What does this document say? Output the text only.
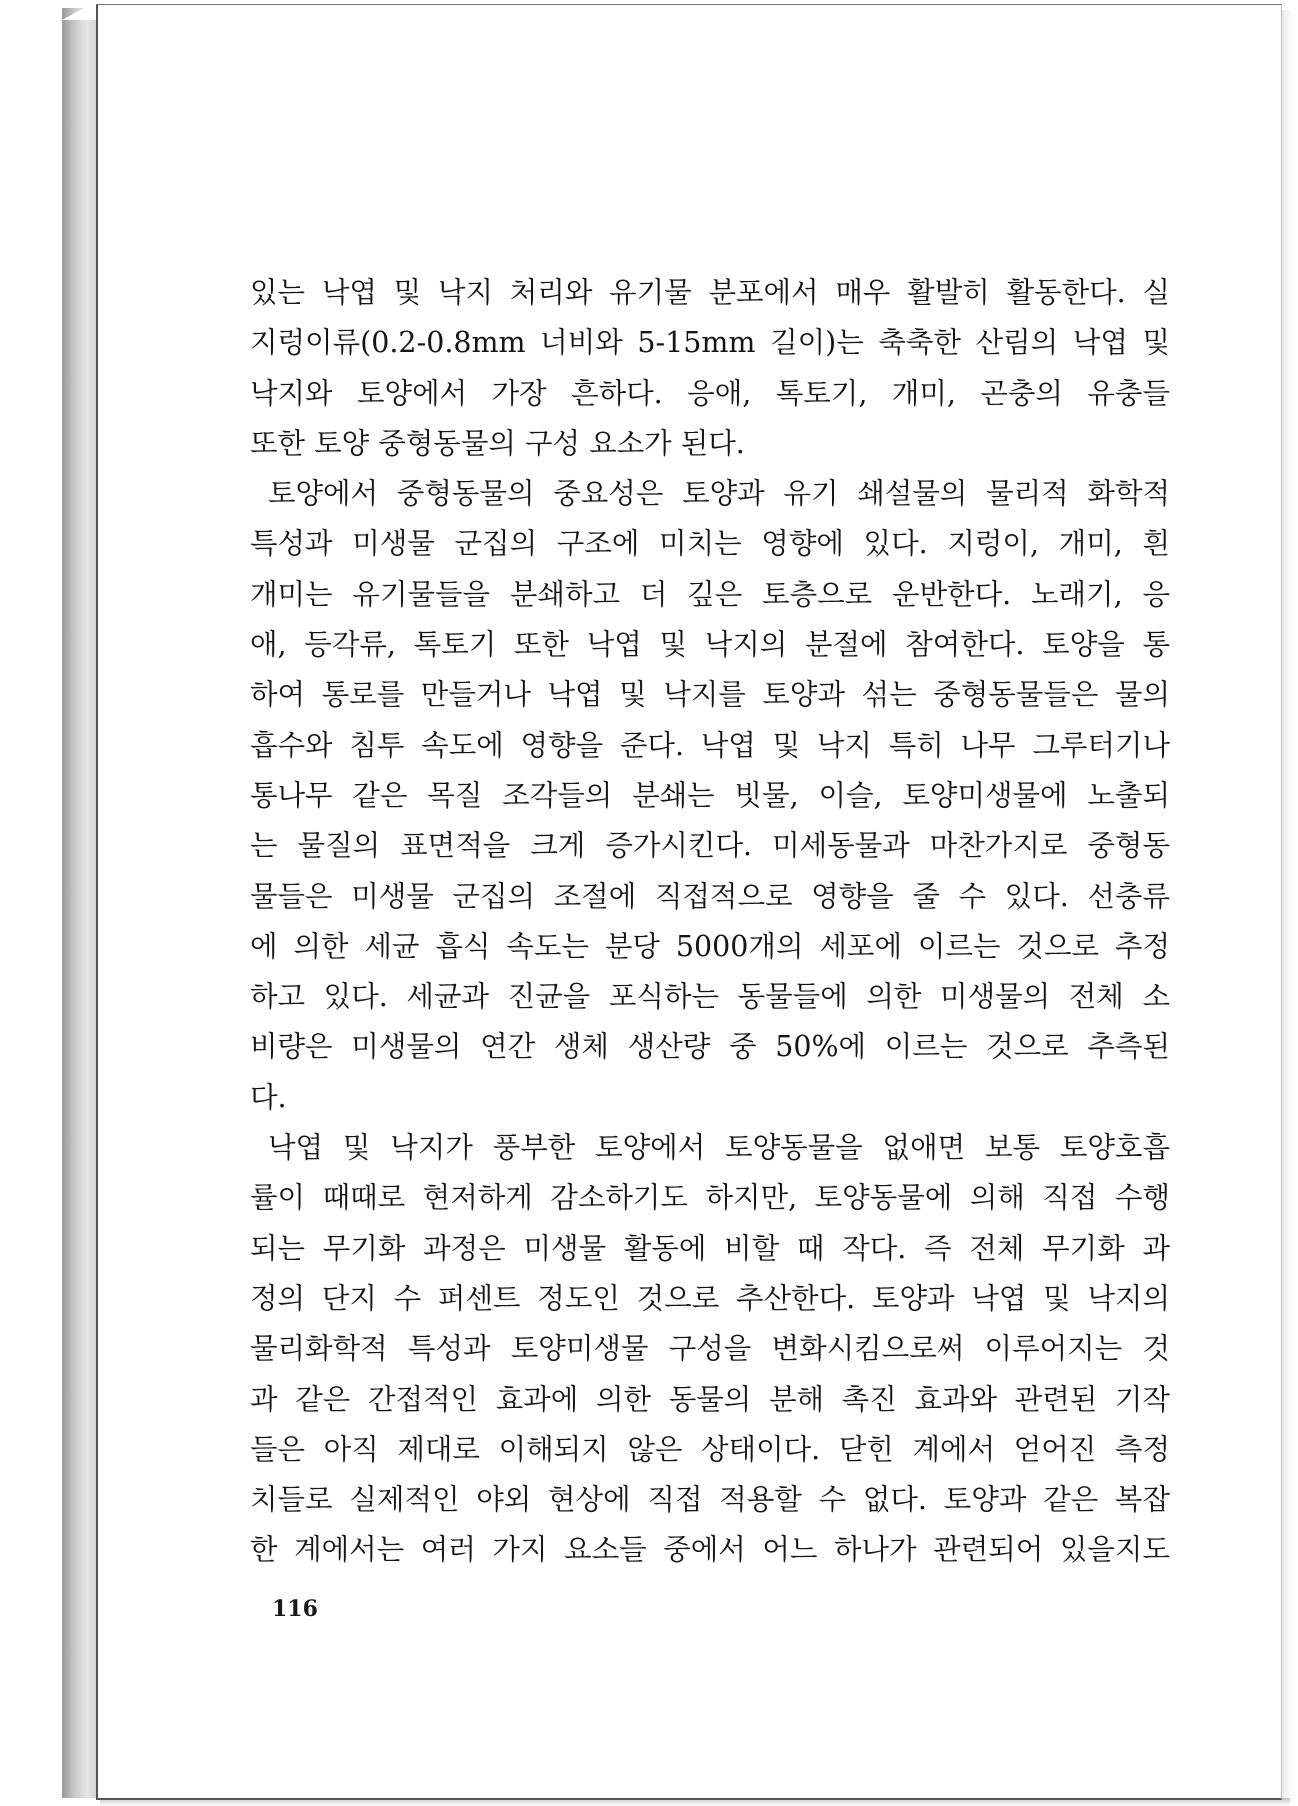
있는 낙엽 및 낙지 처리와 유기물 분포에서 매우 활발히 활동한다. 실
지렁이류(0.2-0.8mm 너비와 5-15mm 길이)는 축축한 산림의 낙엽 및
낙지와 토양에서 가장 흔하다. 응애, 톡토기, 개미, 곤충의 유충들
또한 토양 중형동물의 구성 요소가 된다.
토양에서 중형동물의 중요성은 토양과 유기 쇄설물의 물리적 화학적
특성과 미생물 군집의 구조에 미치는 영향에 있다. 지렁이, 개미, 흰
개미는 유기물들을 분쇄하고 더 깊은 토층으로 운반한다. 노래기, 응
애, 등각류, 톡토기 또한 낙엽 및 낙지의 분절에 참여한다. 토양을 통
하여 통로를 만들거나 낙엽 및 낙지를 토양과 섞는 중형동물들은 물의
흡수와 침투 속도에 영향을 준다. 낙엽 및 낙지 특히 나무 그루터기나
통나무 같은 목질 조각들의 분쇄는 빗물, 이슬, 토양미생물에 노출되
는 물질의 표면적을 크게 증가시킨다. 미세동물과 마찬가지로 중형동
물들은 미생물 군집의 조절에 직접적으로 영향을 줄 수 있다. 선충류
에 의한 세균 흡식 속도는 분당 5000개의 세포에 이르는 것으로 추정
하고 있다. 세균과 진균을 포식하는 동물들에 의한 미생물의 전체 소
비량은 미생물의 연간 생체 생산량 중 50%에 이르는 것으로 추측된
다.
낙엽 및 낙지가 풍부한 토양에서 토양동물을 없애면 보통 토양호흡
률이 때때로 현저하게 감소하기도 하지만, 토양동물에 의해 직접 수행
되는 무기화 과정은 미생물 활동에 비할 때 작다. 즉 전체 무기화 과
정의 단지 수 퍼센트 정도인 것으로 추산한다. 토양과 낙엽 및 낙지의
물리화학적 특성과 토양미생물 구성을 변화시킴으로써 이루어지는 것
과 같은 간접적인 효과에 의한 동물의 분해 촉진 효과와 관련된 기작
들은 아직 제대로 이해되지 않은 상태이다. 닫힌 계에서 얻어진 측정
치들로 실제적인 야외 현상에 직접 적용할 수 없다. 토양과 같은 복잡
한 계에서는 여러 가지 요소들 중에서 어느 하나가 관련되어 있을지도
116
